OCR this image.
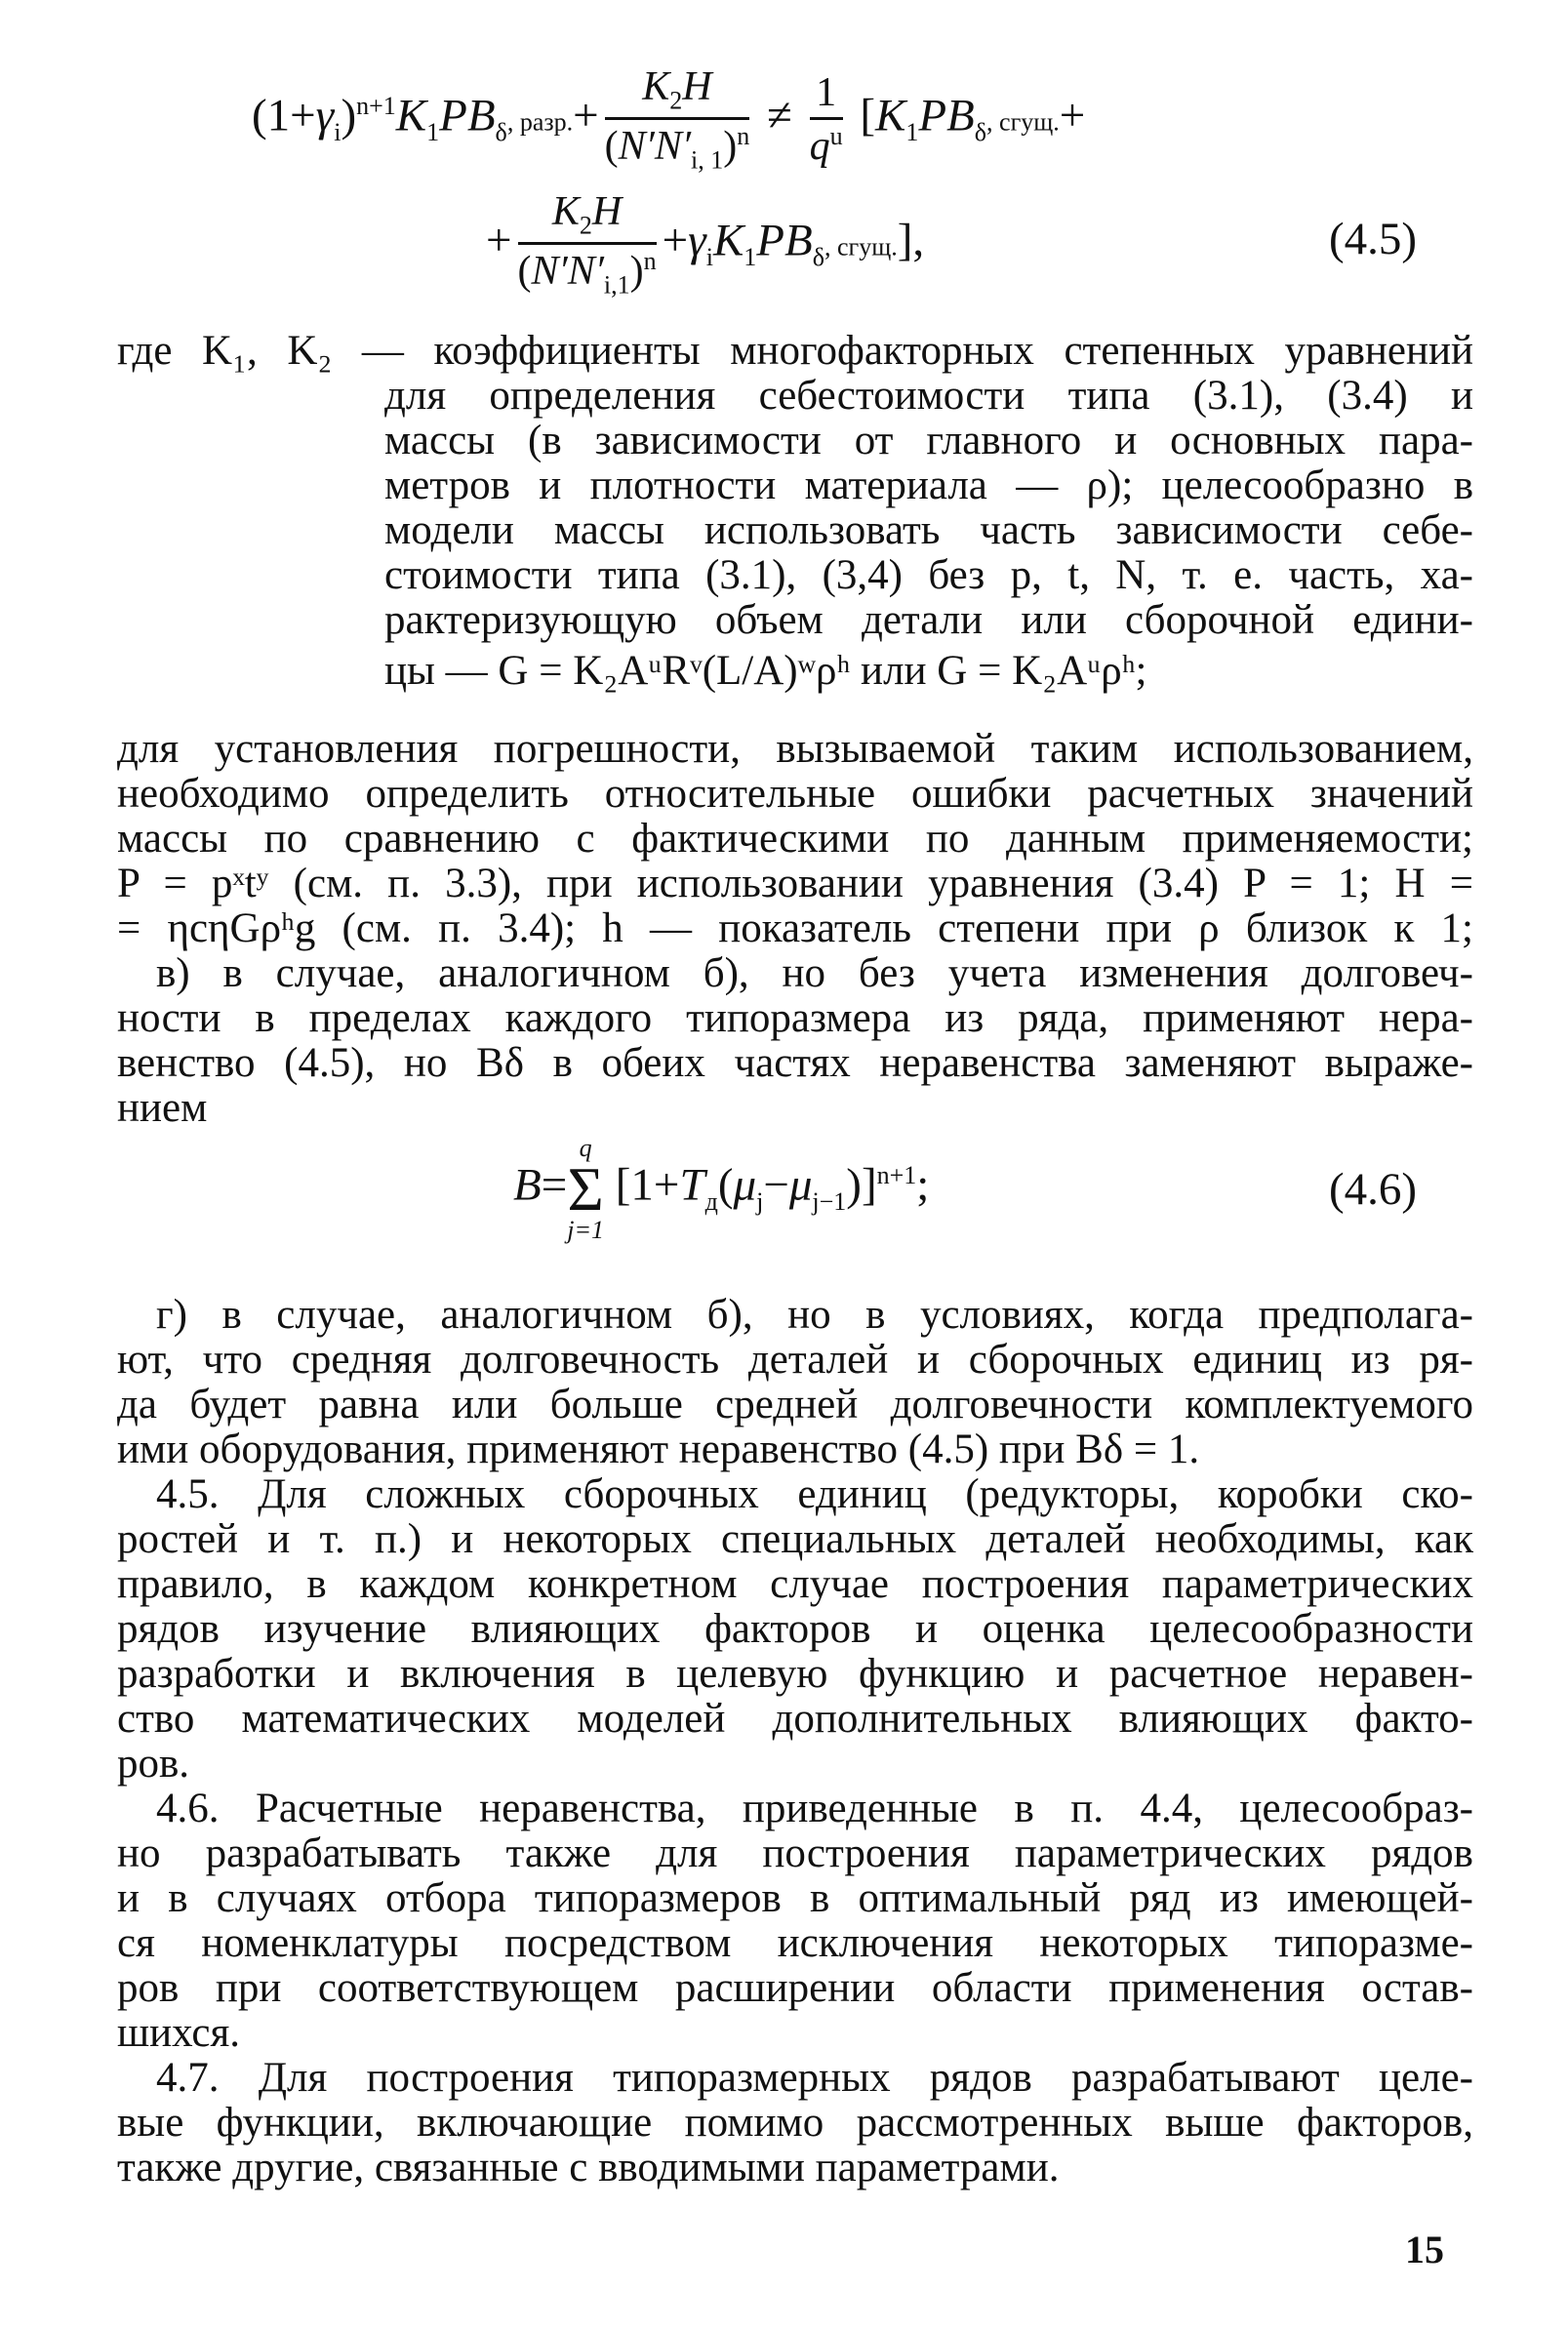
$(1+\gamma_i)^{n+1}K_1PB_\delta$, разр.+ $\frac{K_2H}{(N'N'_{i, 1})^n} \ne \frac{1}{q^u} [K_1PB_\delta$, сгущ.+
+ $\frac{K_2H}{(N'N'_{i,1})^n} +\gamma_iK_1PB_\delta$, сгущ.],	(4.5)
где K₁, K₂ — коэффициенты многофакторных степенных уравнений
для определения себестоимости типа (3.1), (3.4) и
массы (в зависимости от главного и основных пара-
метров и плотности материала — ρ); целесообразно в
модели массы использовать часть зависимости себе-
стоимости типа (3.1), (3,4) без p, t, N, т. е. часть, ха-
рактеризующую объем детали или сборочной едини-
цы — G = K₂AᵘRᵛ(L/A)ʷρʰ или G = K₂Aᵘρʰ;
для установления погрешности, вызываемой таким использованием,
необходимо определить относительные ошибки расчетных значений
массы по сравнению с фактическими по данным применяемости;
P = pˣtʸ (см. п. 3.3), при использовании уравнения (3.4) P = 1; H =
= ηcηGρʰg (см. п. 3.4); h — показатель степени при ρ близок к 1;
в) в случае, аналогичном б), но без учета изменения долговеч-
ности в пределах каждого типоразмера из ряда, применяют нера-
венство (4.5), но Bδ в обеих частях неравенства заменяют выраже-
нием
B=
q
Σ
j=1
$[1+T_д(\mu_j-\mu_{j-1})]^{n+1}$;	(4.6)
г) в случае, аналогичном б), но в условиях, когда предполага-
ют, что средняя долговечность деталей и сборочных единиц из ря-
да будет равна или больше средней долговечности комплектуемого
ими оборудования, применяют неравенство (4.5) при Bδ = 1.
4.5. Для сложных сборочных единиц (редукторы, коробки ско-
ростей и т. п.) и некоторых специальных деталей необходимы, как
правило, в каждом конкретном случае построения параметрических
рядов изучение влияющих факторов и оценка целесообразности
разработки и включения в целевую функцию и расчетное неравен-
ство математических моделей дополнительных влияющих факто-
ров.
4.6. Расчетные неравенства, приведенные в п. 4.4, целесообраз-
но разрабатывать также для построения параметрических рядов
и в случаях отбора типоразмеров в оптимальный ряд из имеющей-
ся номенклатуры посредством исключения некоторых типоразме-
ров при соответствующем расширении области применения остав-
шихся.
4.7. Для построения типоразмерных рядов разрабатывают целе-
вые функции, включающие помимо рассмотренных выше факторов,
также другие, связанные с вводимыми параметрами.
15
